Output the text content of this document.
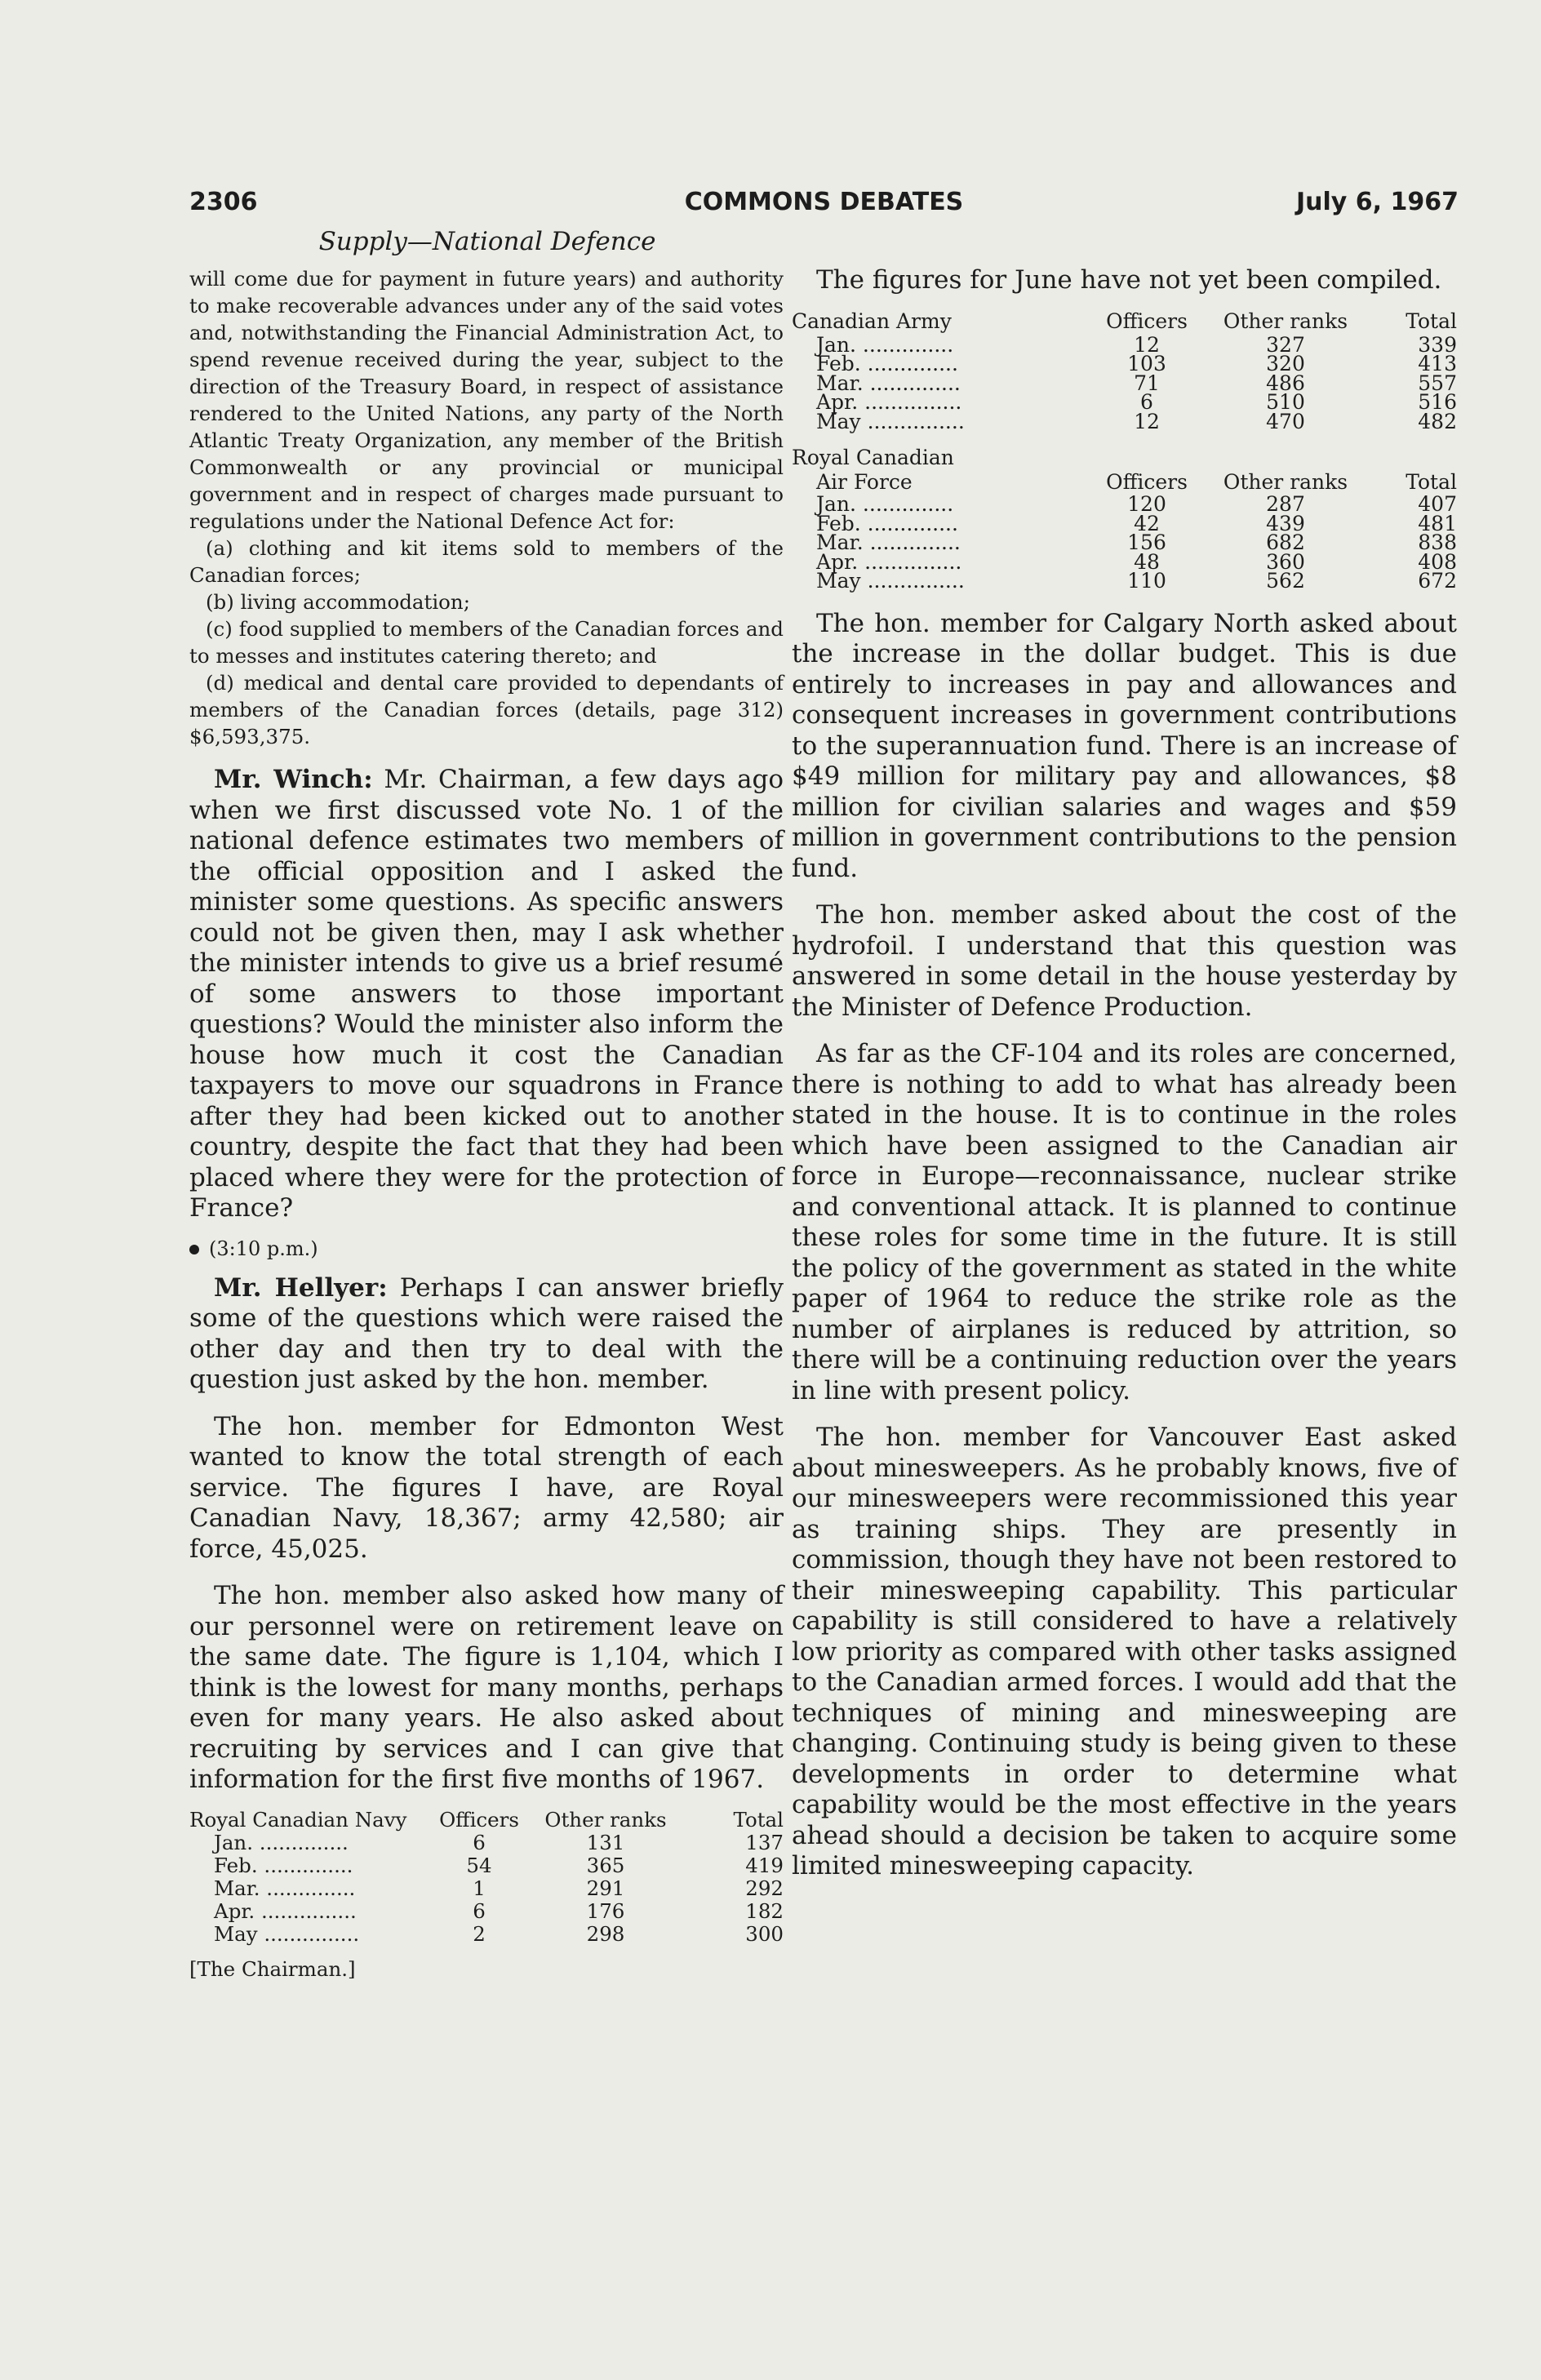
2306	COMMONS DEBATES	July 6, 1967
Supply—National Defence

will come due for payment in future years) and authority to make recoverable advances under any of the said votes and, notwithstanding the Financial Administration Act, to spend revenue received during the year, subject to the direction of the Treasury Board, in respect of assistance rendered to the United Nations, any party of the North Atlantic Treaty Organization, any member of the British Commonwealth or any provincial or municipal government and in respect of charges made pursuant to regulations under the National Defence Act for:

(a) clothing and kit items sold to members of the Canadian forces;

(b) living accommodation;

(c) food supplied to members of the Canadian forces and to messes and institutes catering thereto; and

(d) medical and dental care provided to dependants of members of the Canadian forces (details, page 312) $6,593,375.

Mr. Winch: Mr. Chairman, a few days ago when we first discussed vote No. 1 of the national defence estimates two members of the official opposition and I asked the minister some questions. As specific answers could not be given then, may I ask whether the minister intends to give us a brief resumé of some answers to those important questions? Would the minister also inform the house how much it cost the Canadian taxpayers to move our squadrons in France after they had been kicked out to another country, despite the fact that they had been placed where they were for the protection of France?

(3:10 p.m.)

Mr. Hellyer: Perhaps I can answer briefly some of the questions which were raised the other day and then try to deal with the question just asked by the hon. member.

The hon. member for Edmonton West wanted to know the total strength of each service. The figures I have, are Royal Canadian Navy, 18,367; army 42,580; air force, 45,025.

The hon. member also asked how many of our personnel were on retirement leave on the same date. The figure is 1,104, which I think is the lowest for many months, perhaps even for many years. He also asked about recruiting by services and I can give that information for the first five months of 1967.

Royal Canadian Navy	Officers	Other ranks	Total
Jan. ..............	6	131	137
Feb. ..............	54	365	419
Mar. ..............	1	291	292
Apr. ...............	6	176	182
May ...............	2	298	300
[The Chairman.]

The figures for June have not yet been compiled.

Canadian Army	Officers	Other ranks	Total
Jan. ..............	12	327	339
Feb. ..............	103	320	413
Mar. ..............	71	486	557
Apr. ...............	6	510	516
May ...............	12	470	482
Royal Canadian			
Air Force	Officers	Other ranks	Total
Jan. ..............	120	287	407
Feb. ..............	42	439	481
Mar. ..............	156	682	838
Apr. ...............	48	360	408
May ...............	110	562	672

The hon. member for Calgary North asked about the increase in the dollar budget. This is due entirely to increases in pay and allowances and consequent increases in government contributions to the superannuation fund. There is an increase of $49 million for military pay and allowances, $8 million for civilian salaries and wages and $59 million in government contributions to the pension fund.

The hon. member asked about the cost of the hydrofoil. I understand that this question was answered in some detail in the house yesterday by the Minister of Defence Production.

As far as the CF-104 and its roles are concerned, there is nothing to add to what has already been stated in the house. It is to continue in the roles which have been assigned to the Canadian air force in Europe—reconnaissance, nuclear strike and conventional attack. It is planned to continue these roles for some time in the future. It is still the policy of the government as stated in the white paper of 1964 to reduce the strike role as the number of airplanes is reduced by attrition, so there will be a continuing reduction over the years in line with present policy.

The hon. member for Vancouver East asked about minesweepers. As he probably knows, five of our minesweepers were recommissioned this year as training ships. They are presently in commission, though they have not been restored to their minesweeping capability. This particular capability is still considered to have a relatively low priority as compared with other tasks assigned to the Canadian armed forces. I would add that the techniques of mining and minesweeping are changing. Continuing study is being given to these developments in order to determine what capability would be the most effective in the years ahead should a decision be taken to acquire some limited minesweeping capacity.
